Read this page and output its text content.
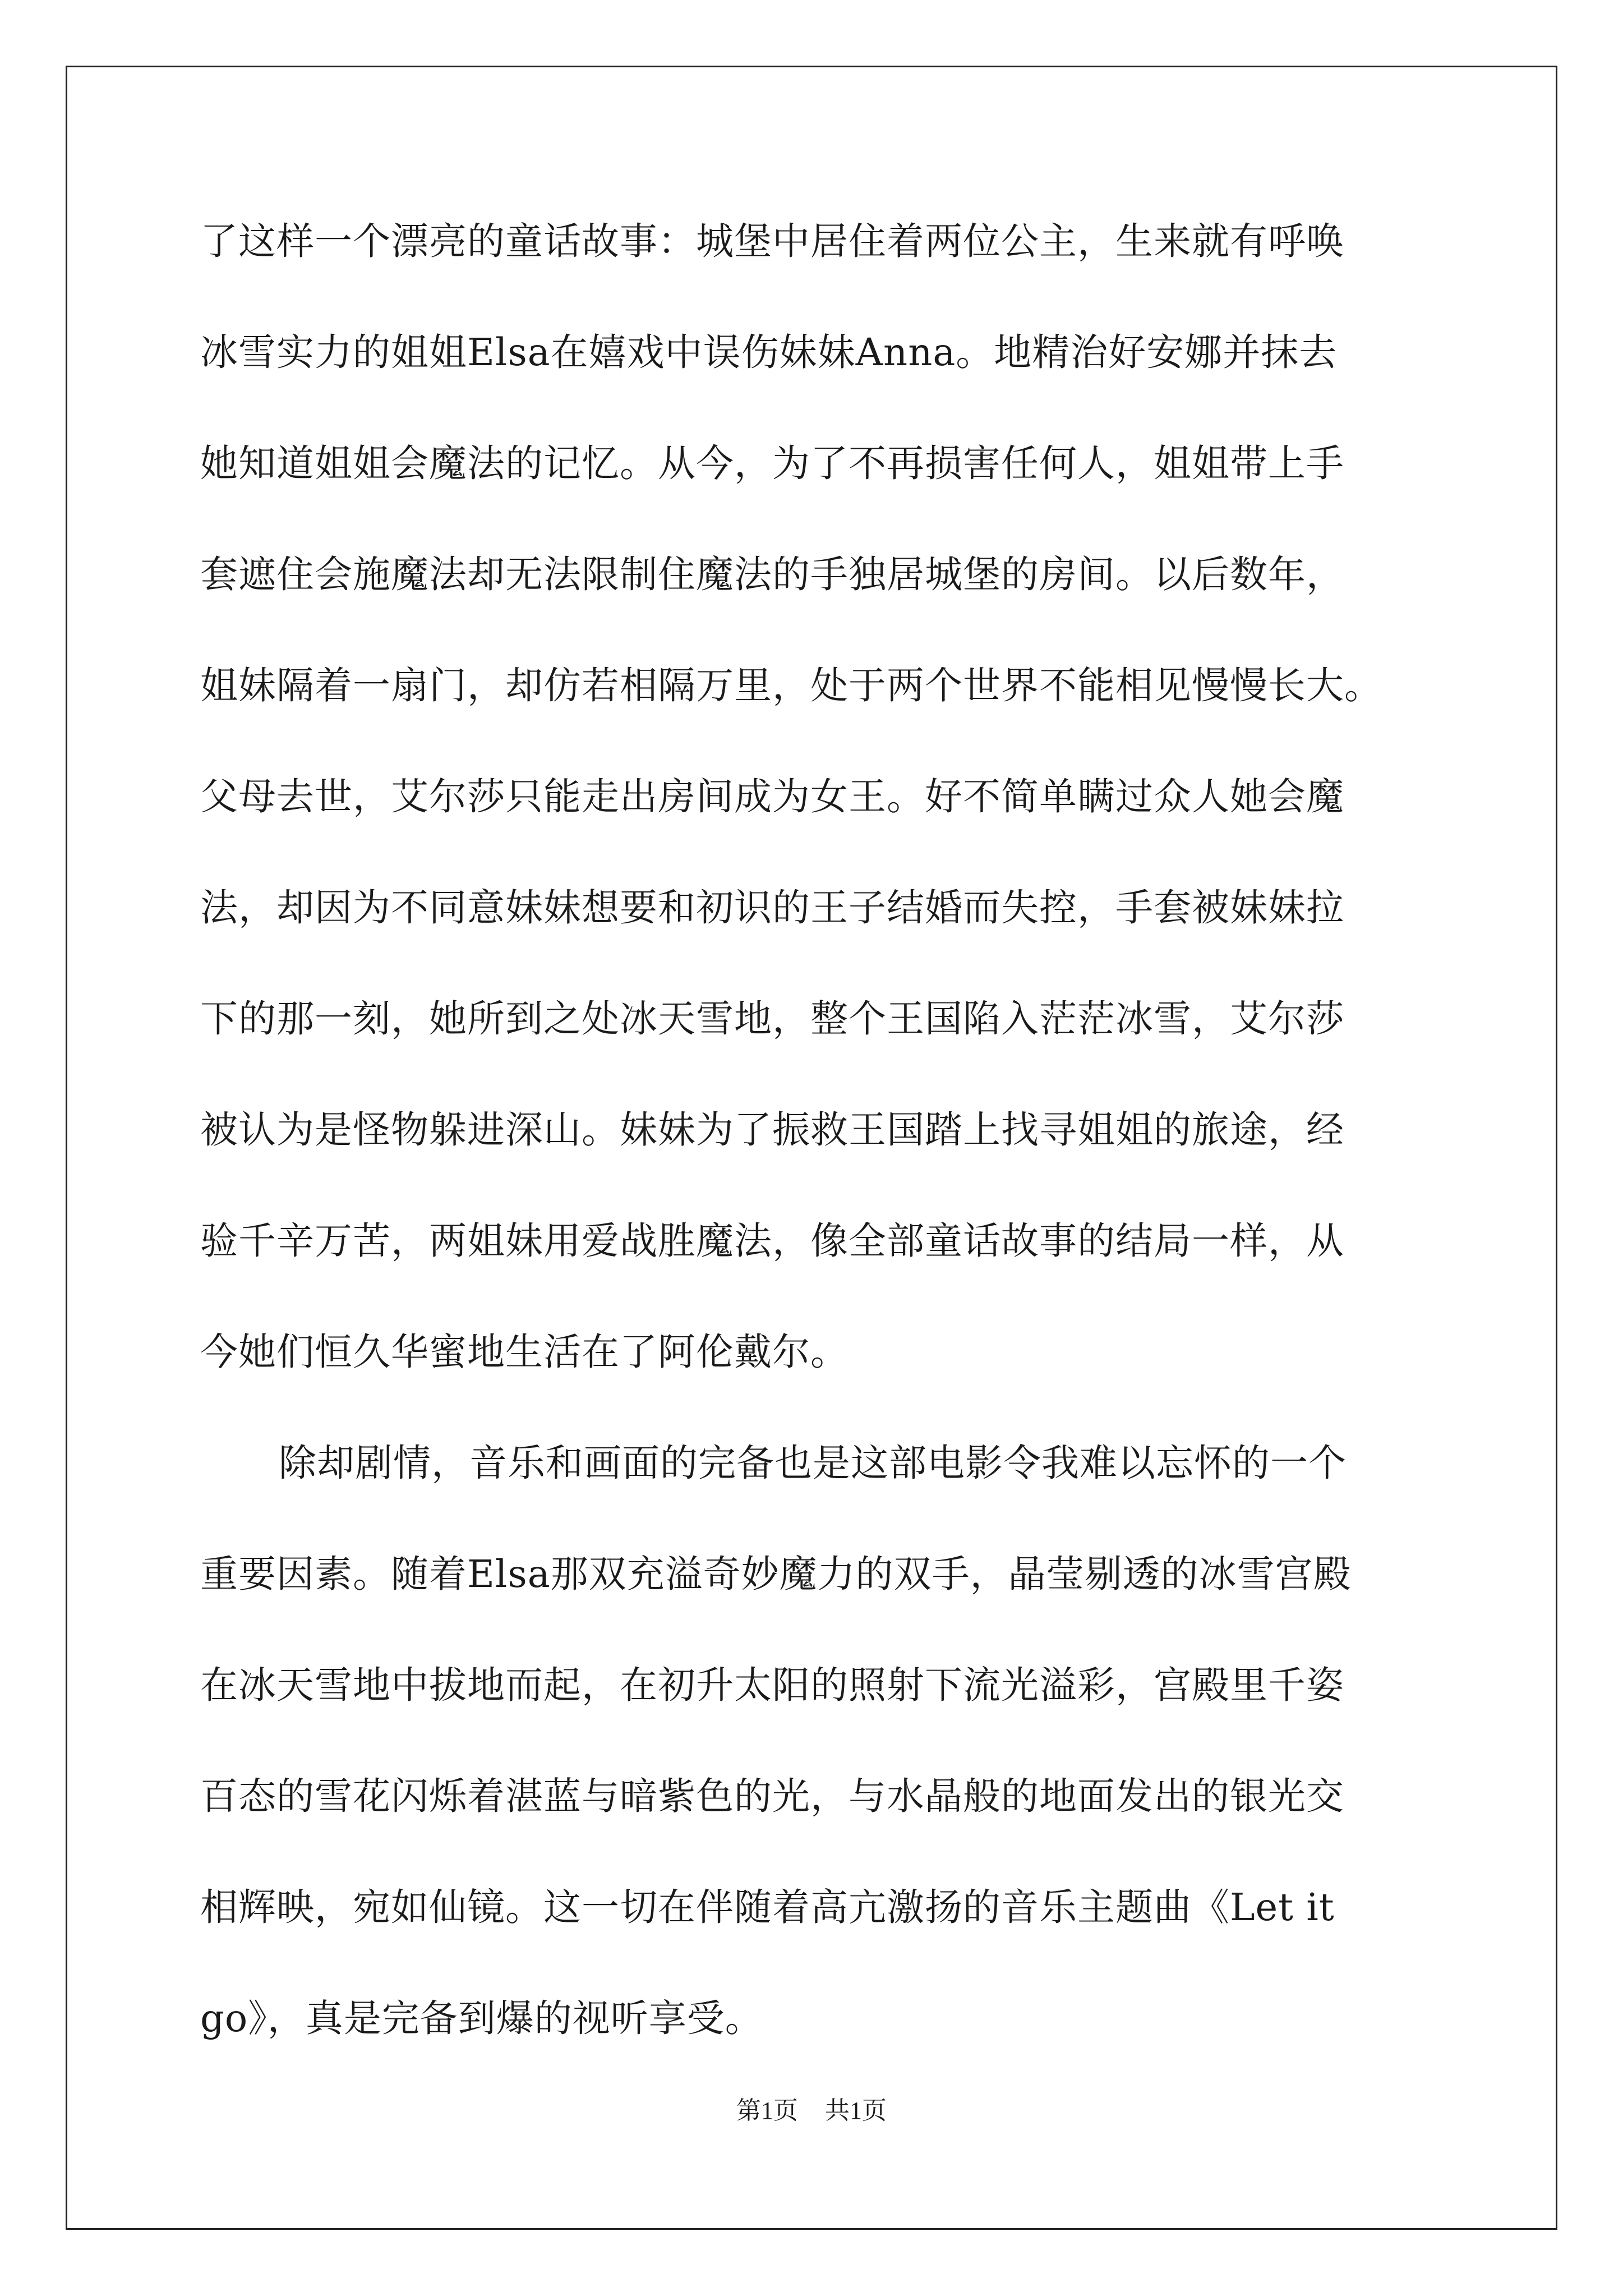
了这样一个漂亮的童话故事：城堡中居住着两位公主，生来就有呼唤
冰雪实力的姐姐Elsa在嬉戏中误伤妹妹Anna。地精治好安娜并抹去
她知道姐姐会魔法的记忆。从今，为了不再损害任何人，姐姐带上手
套遮住会施魔法却无法限制住魔法的手独居城堡的房间。以后数年，
姐妹隔着一扇门，却仿若相隔万里，处于两个世界不能相见慢慢长大。
父母去世，艾尔莎只能走出房间成为女王。好不简单瞒过众人她会魔
法，却因为不同意妹妹想要和初识的王子结婚而失控，手套被妹妹拉
下的那一刻，她所到之处冰天雪地，整个王国陷入茫茫冰雪，艾尔莎
被认为是怪物躲进深山。妹妹为了振救王国踏上找寻姐姐的旅途，经
验千辛万苦，两姐妹用爱战胜魔法，像全部童话故事的结局一样，从
今她们恒久华蜜地生活在了阿伦戴尔。
除却剧情，音乐和画面的完备也是这部电影令我难以忘怀的一个
重要因素。随着Elsa那双充溢奇妙魔力的双手，晶莹剔透的冰雪宫殿
在冰天雪地中拔地而起，在初升太阳的照射下流光溢彩，宫殿里千姿
百态的雪花闪烁着湛蓝与暗紫色的光，与水晶般的地面发出的银光交
相辉映，宛如仙镜。这一切在伴随着高亢激扬的音乐主题曲《Let it
go》，真是完备到爆的视听享受。
第1页 共1页
